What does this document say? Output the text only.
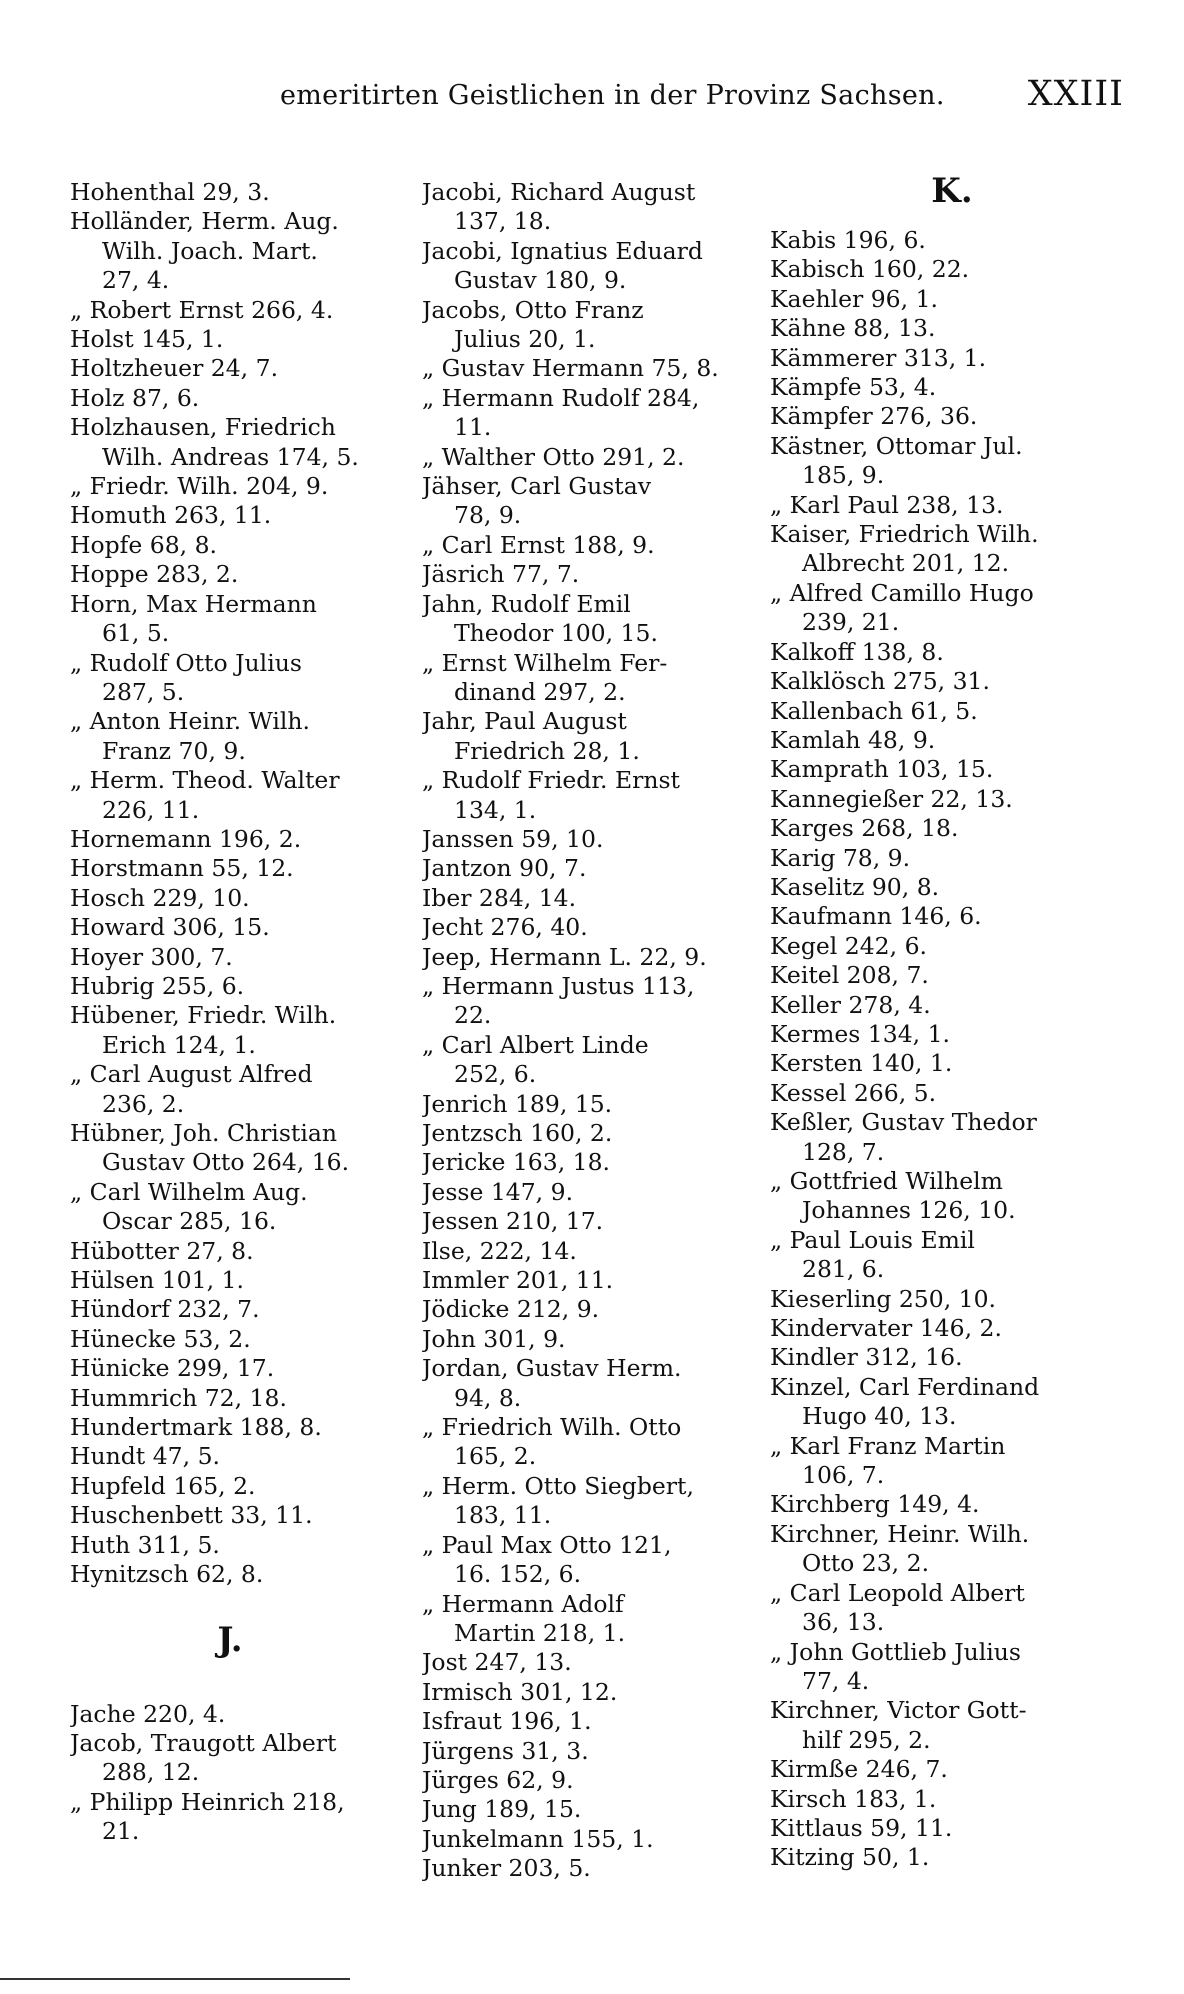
emeritirten Geistlichen in der Provinz Sachsen. XXIII
Hohenthal 29, 3.
Holländer, Herm. Aug.
Wilh. Joach. Mart.
27, 4.
„ Robert Ernst 266, 4.
Holst 145, 1.
Holtzheuer 24, 7.
Holz 87, 6.
Holzhausen, Friedrich
Wilh. Andreas 174, 5.
„ Friedr. Wilh. 204, 9.
Homuth 263, 11.
Hopfe 68, 8.
Hoppe 283, 2.
Horn, Max Hermann
61, 5.
„ Rudolf Otto Julius
287, 5.
„ Anton Heinr. Wilh.
Franz 70, 9.
„ Herm. Theod. Walter
226, 11.
Hornemann 196, 2.
Horstmann 55, 12.
Hosch 229, 10.
Howard 306, 15.
Hoyer 300, 7.
Hubrig 255, 6.
Hübener, Friedr. Wilh.
Erich 124, 1.
„ Carl August Alfred
236, 2.
Hübner, Joh. Christian
Gustav Otto 264, 16.
„ Carl Wilhelm Aug.
Oscar 285, 16.
Hübotter 27, 8.
Hülsen 101, 1.
Hündorf 232, 7.
Hünecke 53, 2.
Hünicke 299, 17.
Hummrich 72, 18.
Hundertmark 188, 8.
Hundt 47, 5.
Hupfeld 165, 2.
Huschenbett 33, 11.
Huth 311, 5.
Hynitzsch 62, 8.
J.
Jache 220, 4.
Jacob, Traugott Albert
288, 12.
„ Philipp Heinrich 218,
21.
Jacobi, Richard August
137, 18.
Jacobi, Ignatius Eduard
Gustav 180, 9.
Jacobs, Otto Franz
Julius 20, 1.
„ Gustav Hermann 75, 8.
„ Hermann Rudolf 284,
11.
„ Walther Otto 291, 2.
Jähser, Carl Gustav
78, 9.
„ Carl Ernst 188, 9.
Jäsrich 77, 7.
Jahn, Rudolf Emil
Theodor 100, 15.
„ Ernst Wilhelm Fer-
dinand 297, 2.
Jahr, Paul August
Friedrich 28, 1.
„ Rudolf Friedr. Ernst
134, 1.
Janssen 59, 10.
Jantzon 90, 7.
Iber 284, 14.
Jecht 276, 40.
Jeep, Hermann L. 22, 9.
„ Hermann Justus 113,
22.
„ Carl Albert Linde
252, 6.
Jenrich 189, 15.
Jentzsch 160, 2.
Jericke 163, 18.
Jesse 147, 9.
Jessen 210, 17.
Ilse, 222, 14.
Immler 201, 11.
Jödicke 212, 9.
John 301, 9.
Jordan, Gustav Herm.
94, 8.
„ Friedrich Wilh. Otto
165, 2.
„ Herm. Otto Siegbert,
183, 11.
„ Paul Max Otto 121,
16. 152, 6.
„ Hermann Adolf
Martin 218, 1.
Jost 247, 13.
Irmisch 301, 12.
Isfraut 196, 1.
Jürgens 31, 3.
Jürges 62, 9.
Jung 189, 15.
Junkelmann 155, 1.
Junker 203, 5.
K.
Kabis 196, 6.
Kabisch 160, 22.
Kaehler 96, 1.
Kähne 88, 13.
Kämmerer 313, 1.
Kämpfe 53, 4.
Kämpfer 276, 36.
Kästner, Ottomar Jul.
185, 9.
„ Karl Paul 238, 13.
Kaiser, Friedrich Wilh.
Albrecht 201, 12.
„ Alfred Camillo Hugo
239, 21.
Kalkoff 138, 8.
Kalklösch 275, 31.
Kallenbach 61, 5.
Kamlah 48, 9.
Kamprath 103, 15.
Kannegießer 22, 13.
Karges 268, 18.
Karig 78, 9.
Kaselitz 90, 8.
Kaufmann 146, 6.
Kegel 242, 6.
Keitel 208, 7.
Keller 278, 4.
Kermes 134, 1.
Kersten 140, 1.
Kessel 266, 5.
Keßler, Gustav Thedor
128, 7.
„ Gottfried Wilhelm
Johannes 126, 10.
„ Paul Louis Emil
281, 6.
Kieserling 250, 10.
Kindervater 146, 2.
Kindler 312, 16.
Kinzel, Carl Ferdinand
Hugo 40, 13.
„ Karl Franz Martin
106, 7.
Kirchberg 149, 4.
Kirchner, Heinr. Wilh.
Otto 23, 2.
„ Carl Leopold Albert
36, 13.
„ John Gottlieb Julius
77, 4.
Kirchner, Victor Gott-
hilf 295, 2.
Kirmße 246, 7.
Kirsch 183, 1.
Kittlaus 59, 11.
Kitzing 50, 1.
